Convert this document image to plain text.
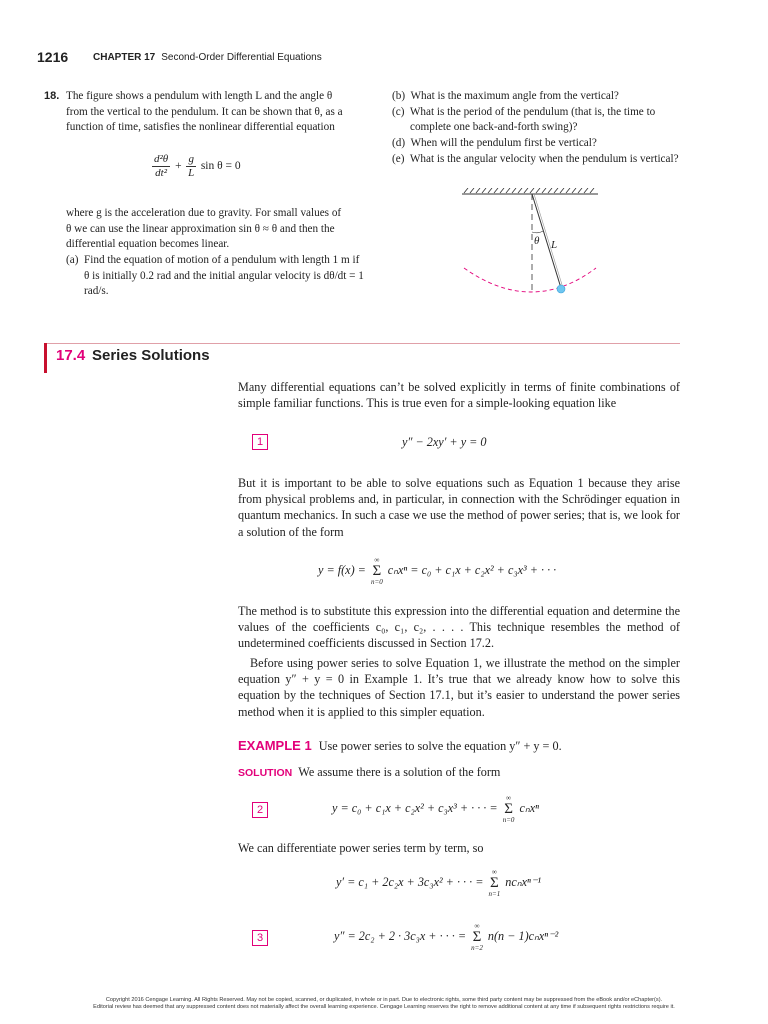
1216 CHAPTER 17 Second-Order Differential Equations
18. The figure shows a pendulum with length L and the angle θ from the vertical to the pendulum. It can be shown that θ, as a function of time, satisfies the nonlinear differential equation
$\frac{\text{d²θ}}{\text{dt²}} + \frac{g}{L}$ sin θ = 0
where g is the acceleration due to gravity. For small values of θ we can use the linear approximation sin θ ≈ θ and then the differential equation becomes linear.
(a) Find the equation of motion of a pendulum with length 1 m if θ is initially 0.2 rad and the initial angular velocity is dθ/dt = 1 rad/s.
(b) What is the maximum angle from the vertical?
(c) What is the period of the pendulum (that is, the time to complete one back-and-forth swing)?
(d) When will the pendulum first be vertical?
(e) What is the angular velocity when the pendulum is vertical?
θ L
17.4 Series Solutions

Many differential equations can’t be solved explicitly in terms of finite combinations of simple familiar functions. This is true even for a simple-looking equation like

1	y″ − 2xy′ + y = 0

But it is important to be able to solve equations such as Equation 1 because they arise from physical problems and, in particular, in connection with the Schrödinger equation in quantum mechanics. In such a case we use the method of power series; that is, we look for a solution of the form

y = f(x) =
∞
Σ
n=0
cₙxⁿ = c₀ + c₁x + c₂x² + c₃x³ + · · ·

The method is to substitute this expression into the differential equation and determine the values of the coefficients c₀, c₁, c₂, . . . . This technique resembles the method of undetermined coefficients discussed in Section 17.2.

Before using power series to solve Equation 1, we illustrate the method on the simpler equation y″ + y = 0 in Example 1. It’s true that we already know how to solve this equation by the techniques of Section 17.1, but it’s easier to understand the power series method when it is applied to this simpler equation.

EXAMPLE 1 Use power series to solve the equation y″ + y = 0.
SOLUTION We assume there is a solution of the form
2	y = c₀ + c₁x + c₂x² + c₃x³ + · · · =
∞
Σ
n=0
cₙxⁿ

We can differentiate power series term by term, so

y′ = c₁ + 2c₂x + 3c₃x² + · · · =
∞
Σ
n=1
ncₙxⁿ⁻¹
3	y″ = 2c₂ + 2 · 3c₃x + · · · =
∞
Σ
n=2
n(n − 1)cₙxⁿ⁻²
Copyright 2016 Cengage Learning. All Rights Reserved. May not be copied, scanned, or duplicated, in whole or in part. Due to electronic rights, some third party content may be suppressed from the eBook and/or eChapter(s).
Editorial review has deemed that any suppressed content does not materially affect the overall learning experience. Cengage Learning reserves the right to remove additional content at any time if subsequent rights restrictions require it.
